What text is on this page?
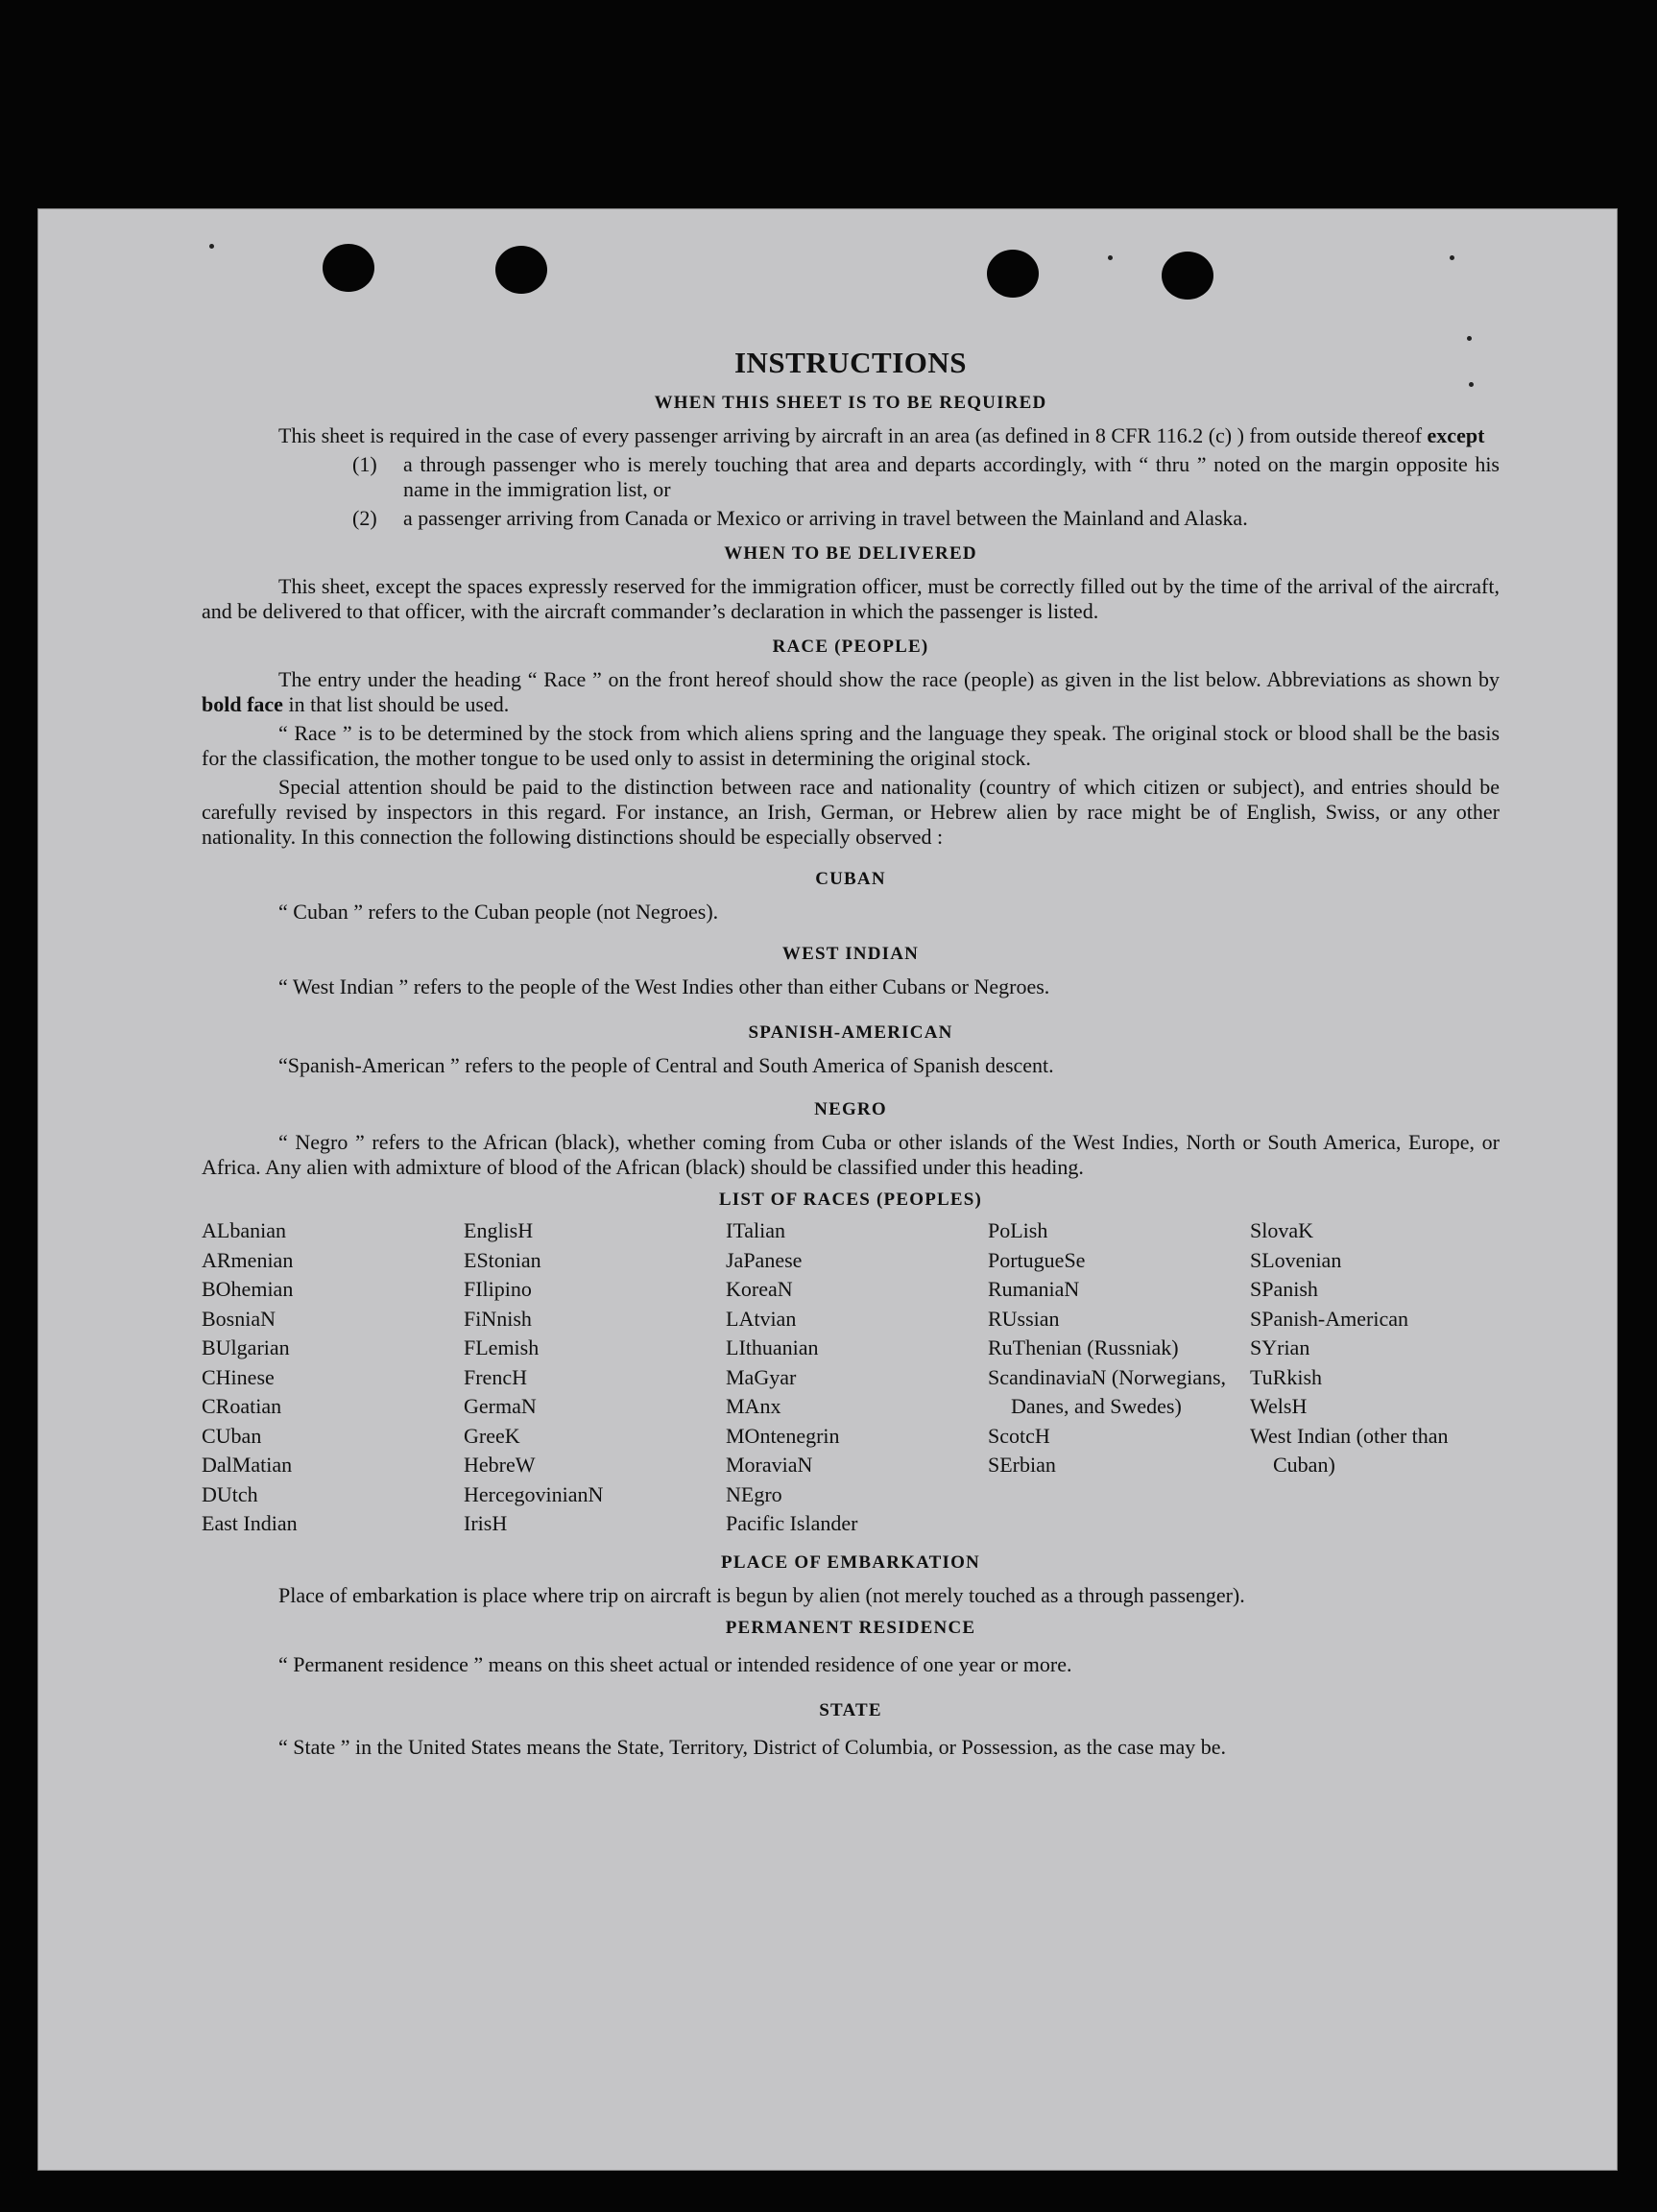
INSTRUCTIONS
WHEN THIS SHEET IS TO BE REQUIRED

This sheet is required in the case of every passenger arriving by aircraft in an area (as defined in 8 CFR 116.2 (c) ) from outside thereof except

(1) a through passenger who is merely touching that area and departs accordingly, with “ thru ” noted on the margin opposite his name in the immigration list, or

(2) a passenger arriving from Canada or Mexico or arriving in travel between the Mainland and Alaska.

WHEN TO BE DELIVERED

This sheet, except the spaces expressly reserved for the immigration officer, must be correctly filled out by the time of the arrival of the aircraft, and be delivered to that officer, with the aircraft commander’s declaration in which the passenger is listed.

RACE (PEOPLE)

The entry under the heading “ Race ” on the front hereof should show the race (people) as given in the list below. Abbreviations as shown by bold face in that list should be used.

“ Race ” is to be determined by the stock from which aliens spring and the language they speak. The original stock or blood shall be the basis for the classification, the mother tongue to be used only to assist in determining the original stock.

Special attention should be paid to the distinction between race and nationality (country of which citizen or subject), and entries should be carefully revised by inspectors in this regard. For instance, an Irish, German, or Hebrew alien by race might be of English, Swiss, or any other nationality. In this connection the following distinctions should be especially observed :

CUBAN

“ Cuban ” refers to the Cuban people (not Negroes).

WEST INDIAN

“ West Indian ” refers to the people of the West Indies other than either Cubans or Negroes.

SPANISH-AMERICAN

“Spanish-American ” refers to the people of Central and South America of Spanish descent.

NEGRO

“ Negro ” refers to the African (black), whether coming from Cuba or other islands of the West Indies, North or South America, Europe, or Africa. Any alien with admixture of blood of the African (black) should be classified under this heading.

LIST OF RACES (PEOPLES)
ALbanian
ARmenian
BOhemian
BosniaN
BUlgarian
CHinese
CRoatian
CUban
DalMatian
DUtch
East Indian
EnglisH
EStonian
FIlipino
FiNnish
FLemish
FrencH
GermaN
GreeK
HebreW
HercegovinianN
IrisH
ITalian
JaPanese
KoreaN
LAtvian
LIthuanian
MaGyar
MAnx
MOntenegrin
MoraviaN
NEgro
Pacific Islander
PoLish
PortugueSe
RumaniaN
RUssian
RuThenian (Russniak)
ScandinaviaN (Norwegians, Danes, and Swedes)
ScotcH
SErbian
SlovaK
SLovenian
SPanish
SPanish-American
SYrian
TuRkish
WelsH
West Indian (other than Cuban)
PLACE OF EMBARKATION

Place of embarkation is place where trip on aircraft is begun by alien (not merely touched as a through passenger).

PERMANENT RESIDENCE

“ Permanent residence ” means on this sheet actual or intended residence of one year or more.

STATE

“ State ” in the United States means the State, Territory, District of Columbia, or Possession, as the case may be.
